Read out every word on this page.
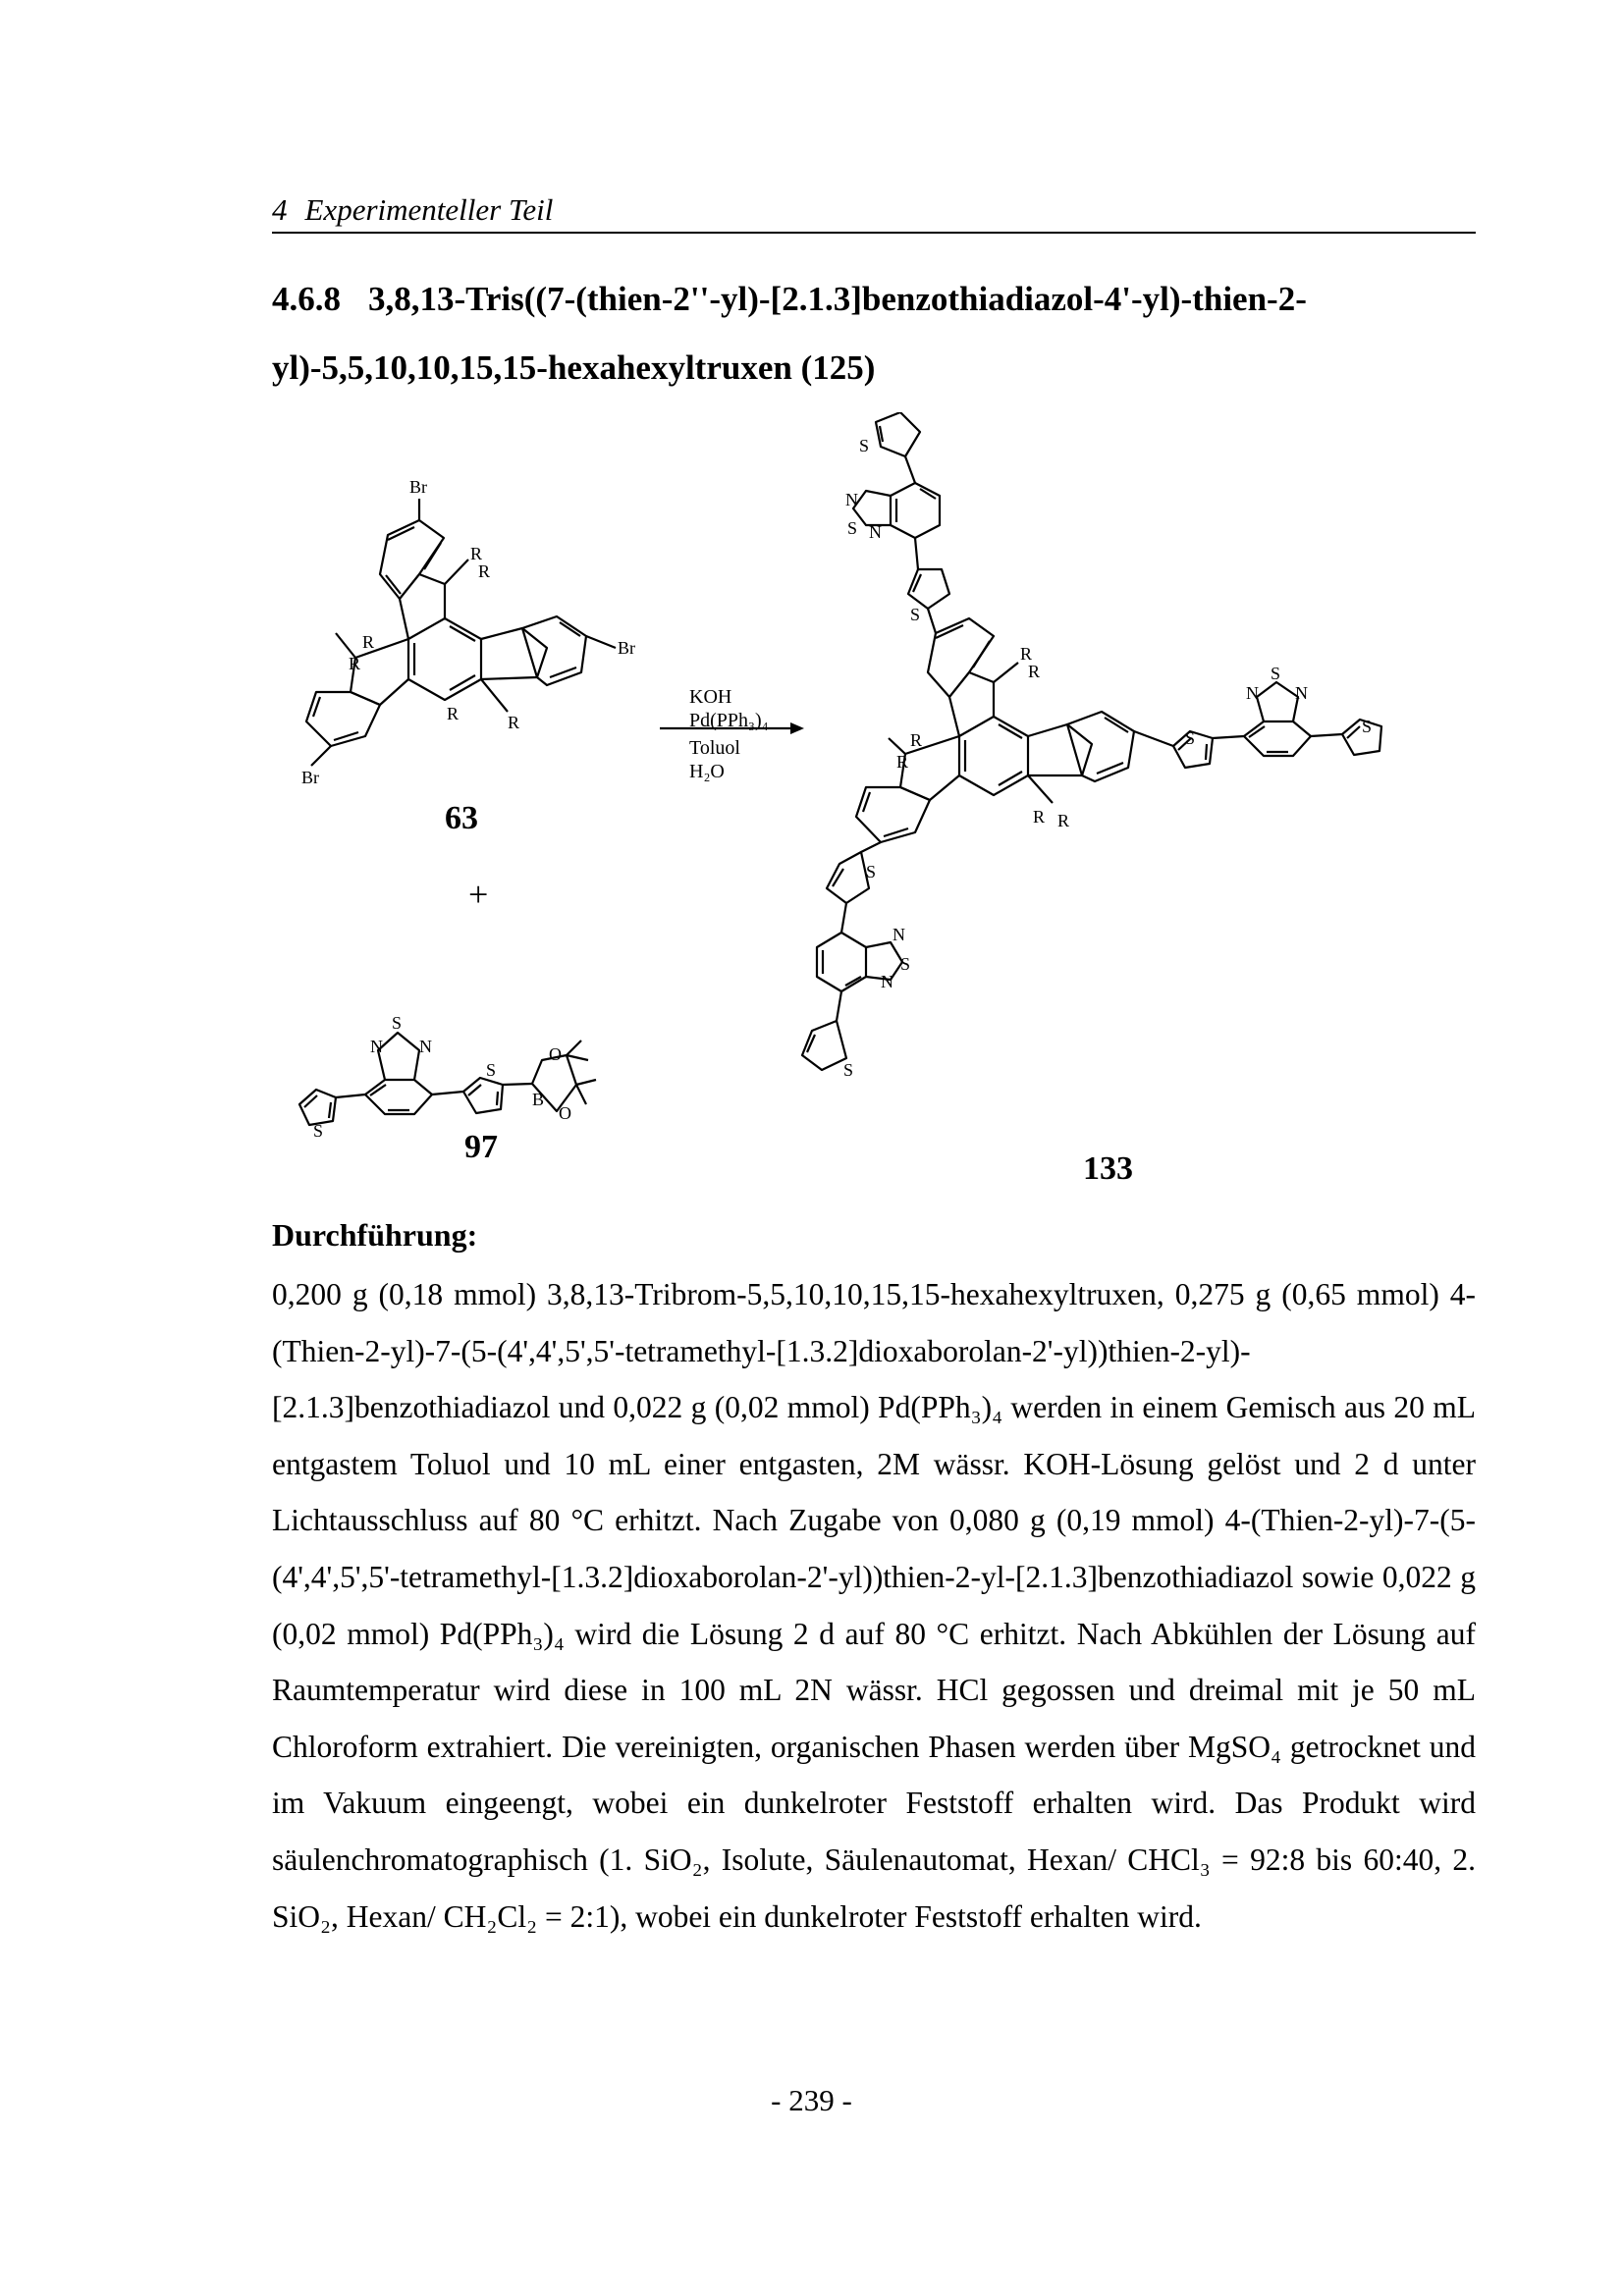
4 Experimenteller Teil
4.6.8 3,8,13-Tris((7-(thien-2''-yl)-[2.1.3]benzothiadiazol-4'-yl)-thien-2-yl)-5,5,10,10,15,15-hexahexyltruxen (125)
Br
R
R
R
R
Br
R	R
Br
S
S
N N
S
B
O
O
S
N
S N
S
R
R
R
R
R R
S
S
N N
S
S
N
S
N
S
63
+
97
133
KOH
Pd(PPh₃)₄
Toluol
H₂O
Durchführung:
0,200 g (0,18 mmol) 3,8,13-Tribrom-5,5,10,10,15,15-hexahexyltruxen, 0,275 g (0,65 mmol) 4-(Thien-2-yl)-7-(5-(4',4',5',5'-tetramethyl-[1.3.2]dioxaborolan-2'-yl))thien-2-yl)-[2.1.3]benzothiadiazol und 0,022 g (0,02 mmol) Pd(PPh₃)₄ werden in einem Gemisch aus 20 mL entgastem Toluol und 10 mL einer entgasten, 2M wässr. KOH-Lösung gelöst und 2 d unter Lichtausschluss auf 80 °C erhitzt. Nach Zugabe von 0,080 g (0,19 mmol) 4-(Thien-2-yl)-7-(5-(4',4',5',5'-tetramethyl-[1.3.2]dioxaborolan-2'-yl))thien-2-yl-[2.1.3]benzothiadiazol sowie 0,022 g (0,02 mmol) Pd(PPh₃)₄ wird die Lösung 2 d auf 80 °C erhitzt. Nach Abkühlen der Lösung auf Raumtemperatur wird diese in 100 mL 2N wässr. HCl gegossen und dreimal mit je 50 mL Chloroform extrahiert. Die vereinigten, organischen Phasen werden über MgSO₄ getrocknet und im Vakuum eingeengt, wobei ein dunkelroter Feststoff erhalten wird. Das Produkt wird säulenchromatographisch (1. SiO₂, Isolute, Säulenautomat, Hexan/ CHCl₃ = 92:8 bis 60:40, 2. SiO₂, Hexan/ CH₂Cl₂ = 2:1), wobei ein dunkelroter Feststoff erhalten wird.
- 239 -
